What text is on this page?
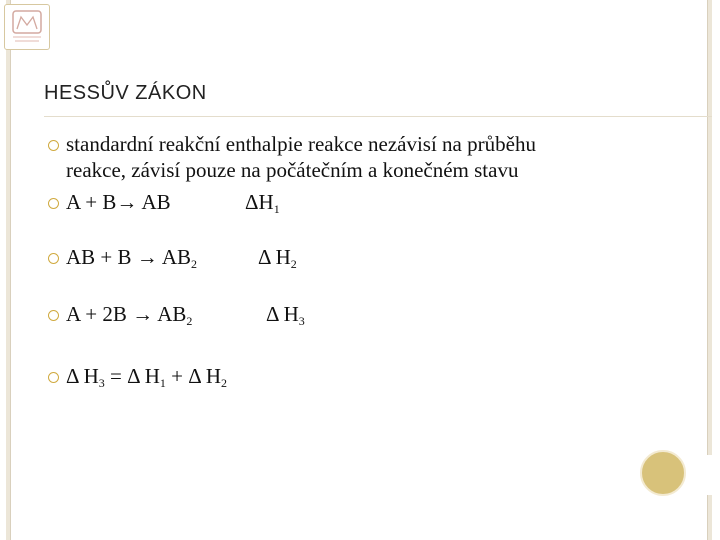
HESSŮV ZÁKON
standardní reakční enthalpie reakce nezávisí na průběhu
reakce, závisí pouze na počátečním a konečném stavu
A + B→ AB	$\Delta H_1$
AB + $B \to AB_2$	Δ $H_2$
$A + 2B \to AB_2$	Δ $H_3$
Δ $H_3 = \Delta$ $H_1 + \Delta$ $H_2$
